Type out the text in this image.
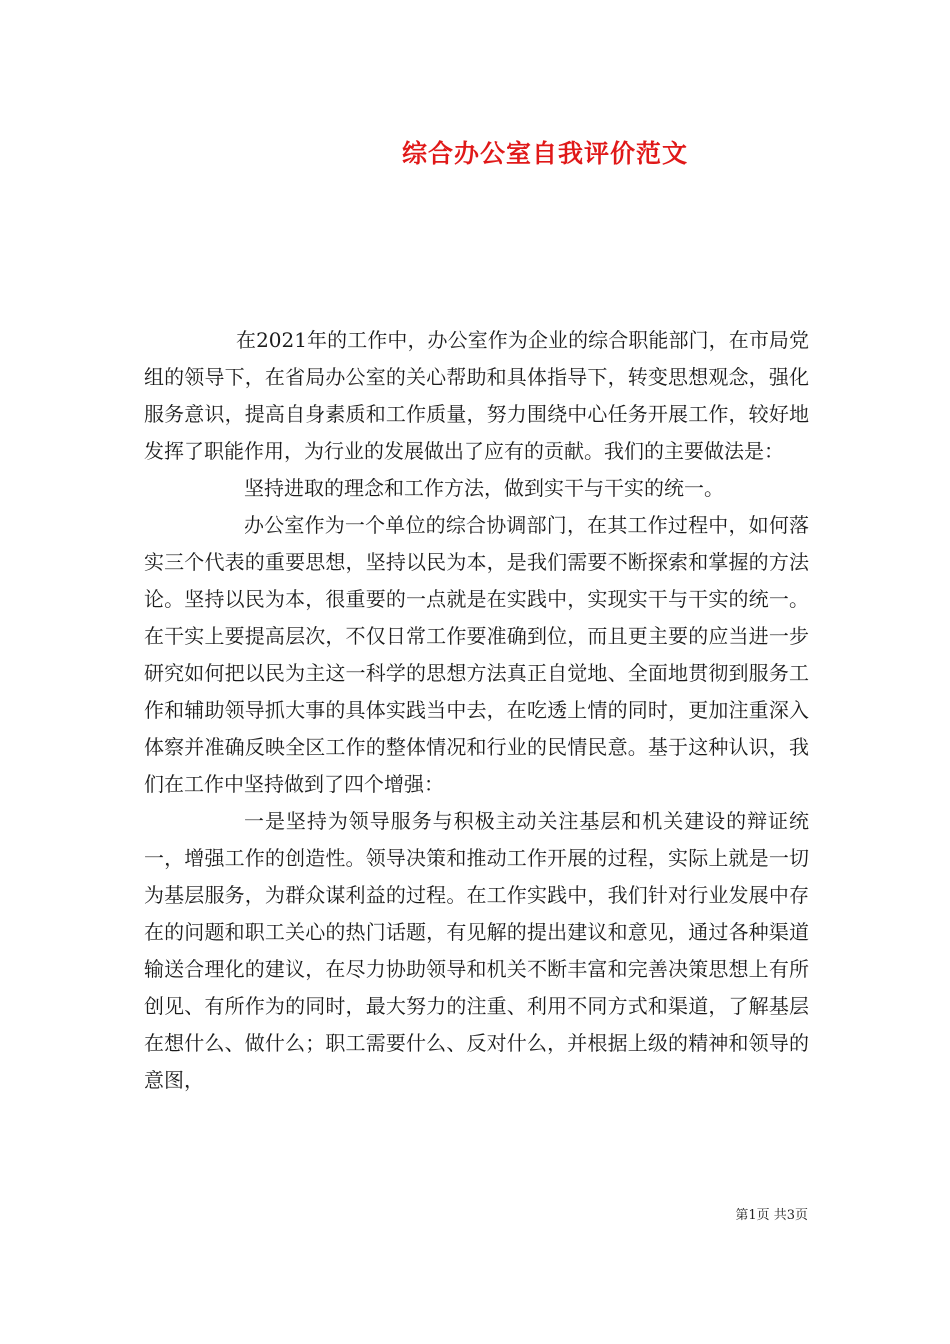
综合办公室自我评价范文

在2021年的工作中，办公室作为企业的综合职能部门，在市局党组的领导下，在省局办公室的关心帮助和具体指导下，转变思想观念，强化服务意识，提高自身素质和工作质量，努力围绕中心任务开展工作，较好地发挥了职能作用，为行业的发展做出了应有的贡献。我们的主要做法是：

坚持进取的理念和工作方法，做到实干与干实的统一。

办公室作为一个单位的综合协调部门，在其工作过程中，如何落实三个代表的重要思想，坚持以民为本，是我们需要不断探索和掌握的方法论。坚持以民为本，很重要的一点就是在实践中，实现实干与干实的统一。在干实上要提高层次，不仅日常工作要准确到位，而且更主要的应当进一步研究如何把以民为主这一科学的思想方法真正自觉地、全面地贯彻到服务工作和辅助领导抓大事的具体实践当中去，在吃透上情的同时，更加注重深入体察并准确反映全区工作的整体情况和行业的民情民意。基于这种认识，我们在工作中坚持做到了四个增强：

一是坚持为领导服务与积极主动关注基层和机关建设的辩证统一，增强工作的创造性。领导决策和推动工作开展的过程，实际上就是一切为基层服务，为群众谋利益的过程。在工作实践中，我们针对行业发展中存在的问题和职工关心的热门话题，有见解的提出建议和意见，通过各种渠道输送合理化的建议，在尽力协助领导和机关不断丰富和完善决策思想上有所创见、有所作为的同时，最大努力的注重、利用不同方式和渠道，了解基层在想什么、做什么；职工需要什么、反对什么，并根据上级的精神和领导的意图，

第1页 共3页
